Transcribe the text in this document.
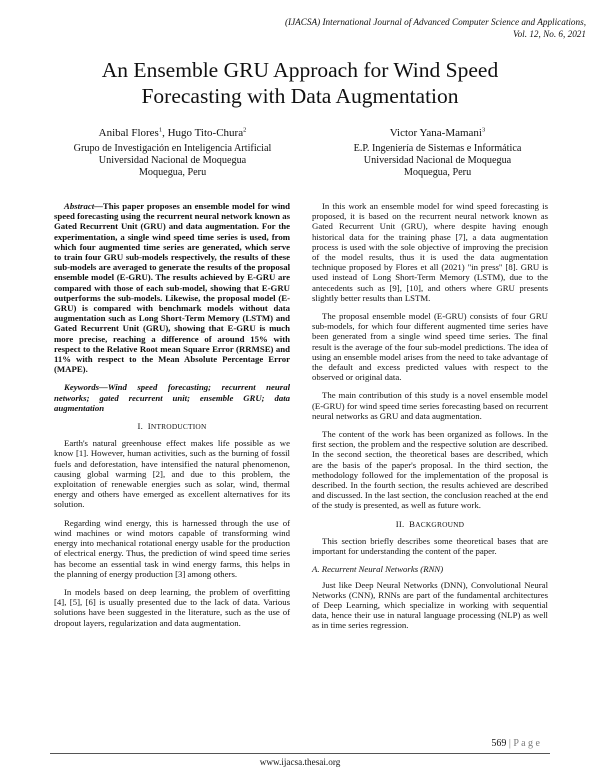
(IJACSA) International Journal of Advanced Computer Science and Applications,
Vol. 12, No. 6, 2021
An Ensemble GRU Approach for Wind Speed
Forecasting with Data Augmentation
Anibal Flores$^1$, Hugo Tito-Chura$^2$
Grupo de Investigación en Inteligencia Artificial
Universidad Nacional de Moquegua
Moquegua, Peru
Victor Yana-Mamani$^3$
E.P. Ingeniería de Sistemas e Informática
Universidad Nacional de Moquegua
Moquegua, Peru

Abstract—This paper proposes an ensemble model for wind speed forecasting using the recurrent neural network known as Gated Recurrent Unit (GRU) and data augmentation. For the experimentation, a single wind speed time series is used, from which four augmented time series are generated, which serve to train four GRU sub-models respectively, the results of these sub-models are averaged to generate the results of the proposal ensemble model (E-GRU). The results achieved by E-GRU are compared with those of each sub-model, showing that E-GRU outperforms the sub-models. Likewise, the proposal model (E-GRU) is compared with benchmark models without data augmentation such as Long Short-Term Memory (LSTM) and Gated Recurrent Unit (GRU), showing that E-GRU is much more precise, reaching a difference of around 15% with respect to the Relative Root mean Square Error (RRMSE) and 11% with respect to the Mean Absolute Percentage Error (MAPE).

Keywords—Wind speed forecasting; recurrent neural networks; gated recurrent unit; ensemble GRU; data augmentation

I. INTRODUCTION

Earth's natural greenhouse effect makes life possible as we know [1]. However, human activities, such as the burning of fossil fuels and deforestation, have intensified the natural phenomenon, causing global warming [2], and due to this problem, the exploitation of renewable energies such as solar, wind, thermal energy and others have emerged as excellent alternatives for its solution.

Regarding wind energy, this is harnessed through the use of wind machines or wind motors capable of transforming wind energy into mechanical rotational energy usable for the production of electrical energy. Thus, the prediction of wind speed time series has become an essential task in wind energy farms, this helps in the planning of energy production [3] among others.

In models based on deep learning, the problem of overfitting [4], [5], [6] is usually presented due to the lack of data. Various solutions have been suggested in the literature, such as the use of dropout layers, regularization and data augmentation.

In this work an ensemble model for wind speed forecasting is proposed, it is based on the recurrent neural network known as Gated Recurrent Unit (GRU), where despite having enough historical data for the training phase [7], a data augmentation process is used with the sole objective of improving the precision of the model results, thus it is used the data augmentation technique proposed by Flores et all (2021) "in press" [8]. GRU is used instead of Long Short-Term Memory (LSTM), due to the antecedents such as [9], [10], and others where GRU presents slightly better results than LSTM.

The proposal ensemble model (E-GRU) consists of four GRU sub-models, for which four different augmented time series have been generated from a single wind speed time series. The final result is the average of the four sub-model predictions. The idea of using an ensemble model arises from the need to take advantage of the default and excess predicted values with respect to the observed or original data.

The main contribution of this study is a novel ensemble model (E-GRU) for wind speed time series forecasting based on recurrent neural networks as GRU and data augmentation.

The content of the work has been organized as follows. In the first section, the problem and the respective solution are described. In the second section, the theoretical bases are described, which are the basis of the paper's proposal. In the third section, the methodology followed for the implementation of the proposal is described. In the fourth section, the results achieved are described and discussed. In the last section, the conclusion reached at the end of the study is presented, as well as future work.

II. BACKGROUND

This section briefly describes some theoretical bases that are important for understanding the content of the paper.

A. Recurrent Neural Networks (RNN)

Just like Deep Neural Networks (DNN), Convolutional Neural Networks (CNN), RNNs are part of the fundamental architectures of Deep Learning, which specialize in working with sequential data, hence their use in natural language processing (NLP) as well as in time series regression.

569 | P a g e
www.ijacsa.thesai.org
